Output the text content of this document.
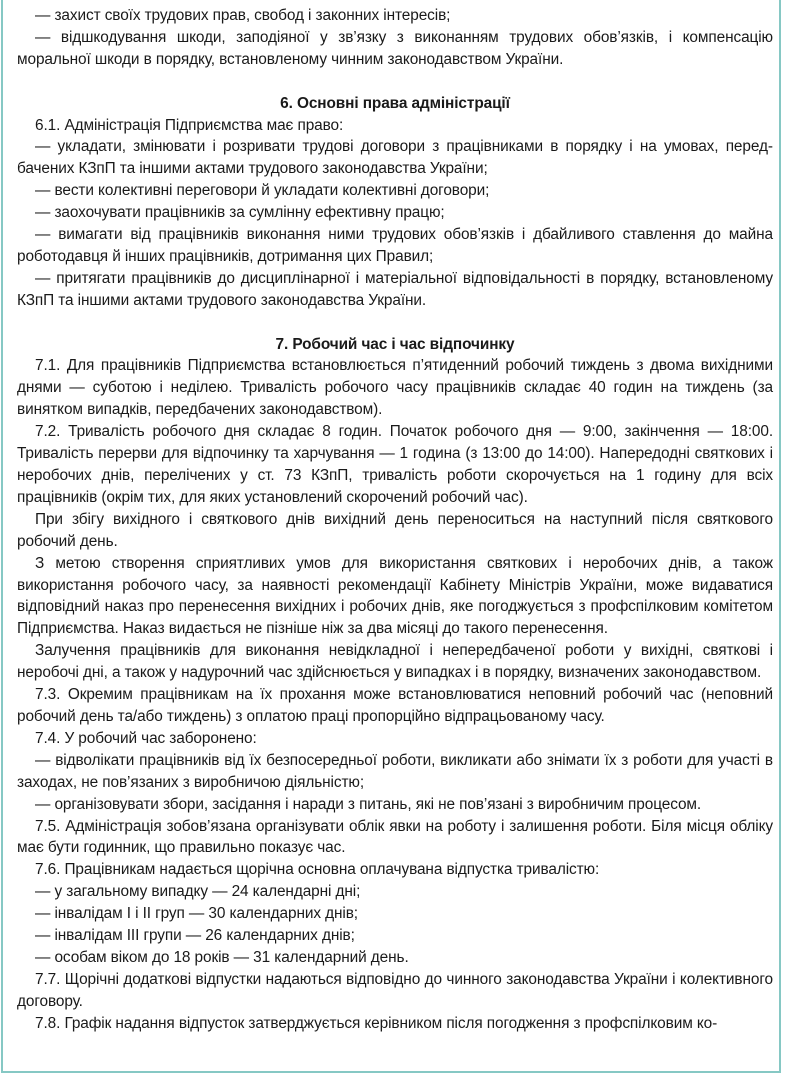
— захист своїх трудових прав, свобод і законних інтересів;

— відшкодування шкоди, заподіяної у зв’язку з виконанням трудових обов’язків, і компенсацію моральної шкоди в порядку, встановленому чинним законодавством України.

6. Основні права адміністрації

6.1. Адміністрація Підприємства має право:

— укладати, змінювати і розривати трудові договори з працівниками в порядку і на умовах, передбачених КЗпП та іншими актами трудового законодавства України;

— вести колективні переговори й укладати колективні договори;

— заохочувати працівників за сумлінну ефективну працю;

— вимагати від працівників виконання ними трудових обов’язків і дбайливого ставлення до майна роботодавця й інших працівників, дотримання цих Правил;

— притягати працівників до дисциплінарної і матеріальної відповідальності в порядку, встановленому КЗпП та іншими актами трудового законодавства України.

7. Робочий час і час відпочинку

7.1. Для працівників Підприємства встановлюється п’ятиденний робочий тиждень з двома вихідними днями — суботою і неділею. Тривалість робочого часу працівників складає 40 годин на тиждень (за винятком випадків, передбачених законодавством).

7.2. Тривалість робочого дня складає 8 годин. Початок робочого дня — 9:00, закінчення — 18:00. Тривалість перерви для відпочинку та харчування — 1 година (з 13:00 до 14:00). Напередодні святкових і неробочих днів, перелічених у ст. 73 КЗпП, тривалість роботи скорочується на 1 годину для всіх працівників (окрім тих, для яких установлений скорочений робочий час).

При збігу вихідного і святкового днів вихідний день переноситься на наступний після святкового робочий день.

З метою створення сприятливих умов для використання святкових і неробочих днів, а також використання робочого часу, за наявності рекомендації Кабінету Міністрів України, може видаватися відповідний наказ про перенесення вихідних і робочих днів, яке погоджується з профспілковим комітетом Підприємства. Наказ видається не пізніше ніж за два місяці до такого перенесення.

Залучення працівників для виконання невідкладної і непередбаченої роботи у вихідні, святкові і неробочі дні, а також у надурочний час здійснюється у випадках і в порядку, визначених законодавством.

7.3. Окремим працівникам на їх прохання може встановлюватися неповний робочий час (неповний робочий день та/або тиждень) з оплатою праці пропорційно відпрацьованому часу.

7.4. У робочий час заборонено:

— відволікати працівників від їх безпосередньої роботи, викликати або знімати їх з роботи для участі в заходах, не пов’язаних з виробничою діяльністю;

— організовувати збори, засідання і наради з питань, які не пов’язані з виробничим процесом.

7.5. Адміністрація зобов’язана організувати облік явки на роботу і залишення роботи. Біля місця обліку має бути годинник, що правильно показує час.

7.6. Працівникам надається щорічна основна оплачувана відпустка тривалістю:

— у загальному випадку — 24 календарні дні;

— інвалідам І і ІІ груп — 30 календарних днів;

— інвалідам ІІІ групи — 26 календарних днів;

— особам віком до 18 років — 31 календарний день.

7.7. Щорічні додаткові відпустки надаються відповідно до чинного законодавства України і колективного договору.

7.8. Графік надання відпусток затверджується керівником після погодження з профспілковим ко-
